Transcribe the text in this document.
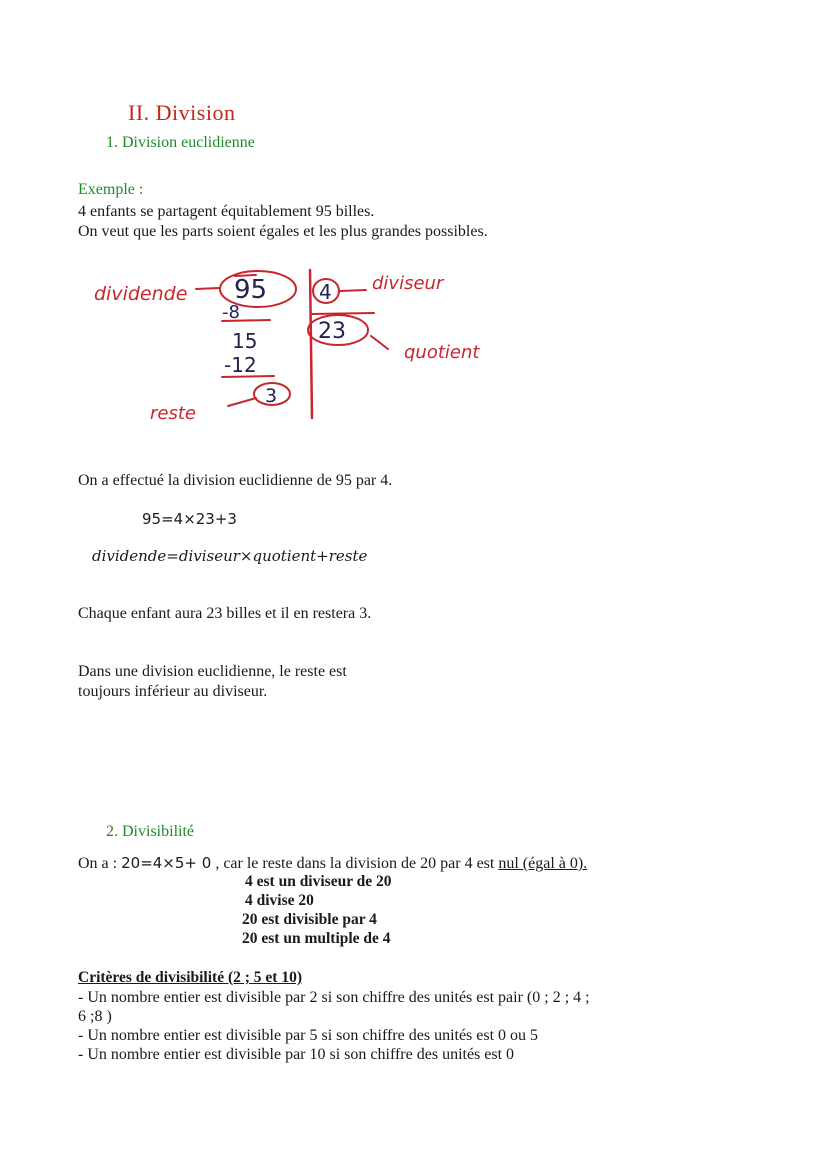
II. Division
1. Division euclidienne
Exemple :
4 enfants se partagent équitablement 95 billes.
On veut que les parts soient égales et les plus grandes possibles.
dividende	diviseur
quotient
reste
95
-8
15
-12
3
4
23
On a effectué la division euclidienne de 95 par 4.
95=4×23+3
dividende=diviseur×quotient+reste
Chaque enfant aura 23 billes et il en restera 3.
Dans une division euclidienne, le reste est
toujours inférieur au diviseur.
2. Divisibilité
On a : 20=4×5+ 0 , car le reste dans la division de 20 par 4 est nul (égal à 0).
4 est un diviseur de 20
4 divise 20
20 est divisible par 4
20 est un multiple de 4
Critères de divisibilité (2 ; 5 et 10)
- Un nombre entier est divisible par 2 si son chiffre des unités est pair (0 ; 2 ; 4 ;
6 ;8 )
- Un nombre entier est divisible par 5 si son chiffre des unités est 0 ou 5
- Un nombre entier est divisible par 10 si son chiffre des unités est 0
